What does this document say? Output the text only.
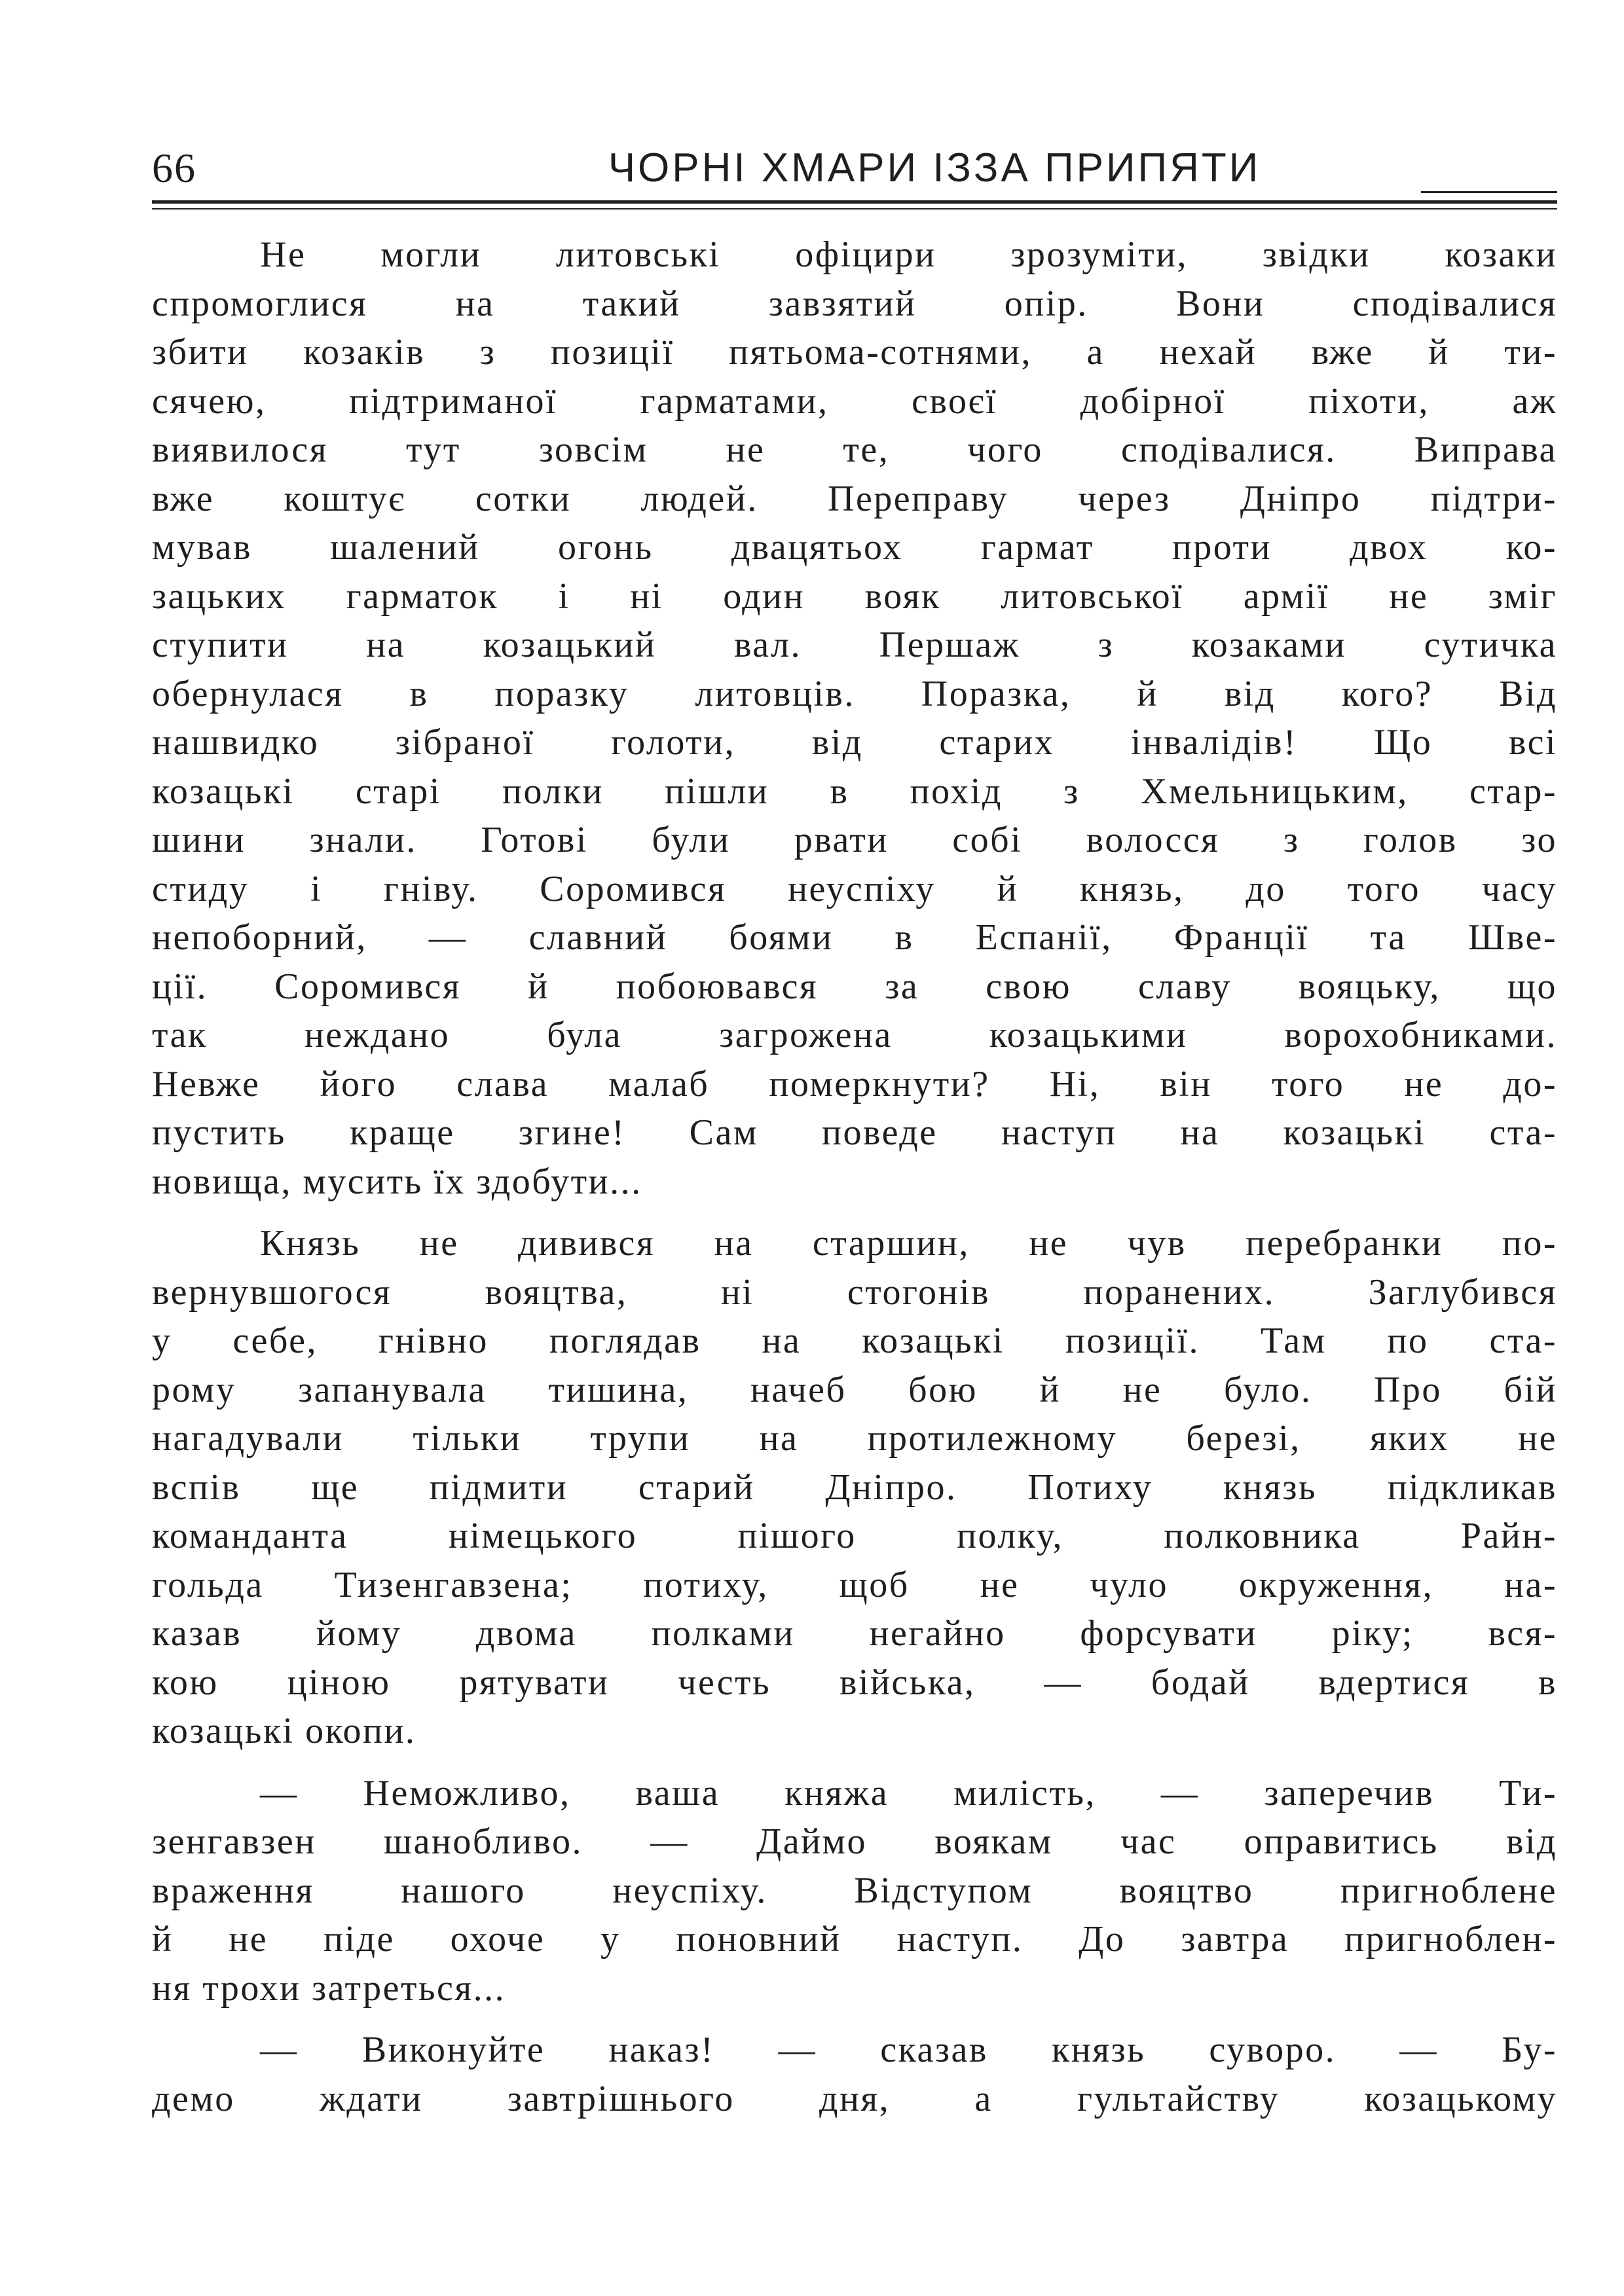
66	ЧОРНІ ХМАРИ ІЗЗА ПРИПЯТИ
Не могли литовські офіцири зрозуміти, звідки козаки
спромоглися на такий завзятий опір. Вони сподівалися
збити козаків з позиції пятьома-сотнями, а нехай вже й ти-
сячею, підтриманої гарматами, своєї добірної піхоти, аж
виявилося тут зовсім не те, чого сподівалися. Виправа
вже коштує сотки людей. Переправу через Дніпро підтри-
мував шалений огонь двацятьох гармат проти двох ко-
зацьких гарматок і ні один вояк литовської армії не зміг
ступити на козацький вал. Першаж з козаками сутичка
обернулася в поразку литовців. Поразка, й від кого? Від
нашвидко зібраної голоти, від старих інвалідів! Що всі
козацькі старі полки пішли в похід з Хмельницьким, стар-
шини знали. Готові були рвати собі волосся з голов зо
стиду і гніву. Соромився неуспіху й князь, до того часу
непоборний, — славний боями в Еспанії, Франції та Шве-
ції. Соромився й побоювався за свою славу вояцьку, що
так неждано була загрожена козацькими ворохобниками.
Невже його слава малаб померкнути? Ні, він того не до-
пустить краще згине! Сам поведе наступ на козацькі ста-
новища, мусить їх здобути...
Князь не дивився на старшин, не чув перебранки по-
вернувшогося вояцтва, ні стогонів поранених. Заглубився
у себе, гнівно поглядав на козацькі позиції. Там по ста-
рому запанувала тишина, начеб бою й не було. Про бій
нагадували тільки трупи на протилежному березі, яких не
вспів ще підмити старий Дніпро. Потиху князь підкликав
команданта німецького пішого полку, полковника Райн-
гольда Тизенгавзена; потиху, щоб не чуло окруження, на-
казав йому двома полками негайно форсувати ріку; вся-
кою ціною рятувати честь війська, — бодай вдертися в
козацькі окопи.
— Неможливо, ваша княжа милість, — заперечив Ти-
зенгавзен шанобливо. — Даймо воякам час оправитись від
враження нашого неуспіху. Відступом вояцтво пригноблене
й не піде охоче у поновний наступ. До завтра пригноблен-
ня трохи затреться...
— Виконуйте наказ! — сказав князь суворо. — Бу-
демо ждати завтрішнього дня, а гультайству козацькому
